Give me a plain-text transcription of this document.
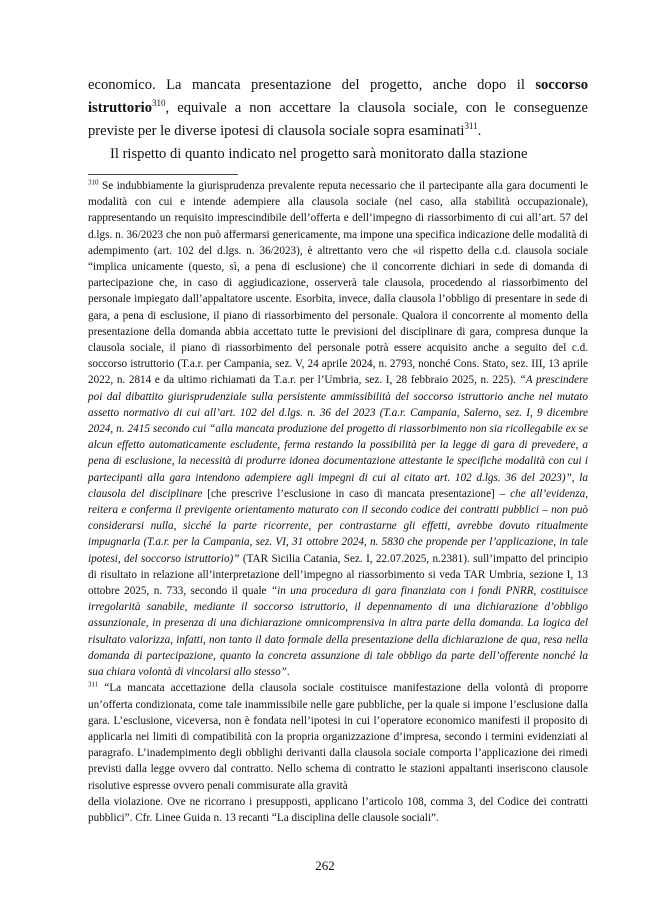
economico. La mancata presentazione del progetto, anche dopo il soccorso istruttorio$^{310}$, equivale a non accettare la clausola sociale, con le conseguenze previste per le diverse ipotesi di clausola sociale sopra esaminati$^{311}$.

Il rispetto di quanto indicato nel progetto sarà monitorato dalla stazione

$^{310}$ Se indubbiamente la giurisprudenza prevalente reputa necessario che il partecipante alla gara documenti le modalità con cui e intende adempiere alla clausola sociale (nel caso, alla stabilità occupazionale), rappresentando un requisito imprescindibile dell’offerta e dell’impegno di riassorbimento di cui all’art. 57 del d.lgs. n. 36/2023 che non può affermarsi genericamente, ma impone una specifica indicazione delle modalità di adempimento (art. 102 del d.lgs. n. 36/2023), è altrettanto vero che «il rispetto della c.d. clausola sociale “implica unicamente (questo, sì, a pena di esclusione) che il concorrente dichiari in sede di domanda di partecipazione che, in caso di aggiudicazione, osserverà tale clausola, procedendo al riassorbimento del personale impiegato dall’appaltatore uscente. Esorbita, invece, dalla clausola l’obbligo di presentare in sede di gara, a pena di esclusione, il piano di riassorbimento del personale. Qualora il concorrente al momento della presentazione della domanda abbia accettato tutte le previsioni del disciplinare di gara, compresa dunque la clausola sociale, il piano di riassorbimento del personale potrà essere acquisito anche a seguito del c.d. soccorso istruttorio (T.a.r. per Campania, sez. V, 24 aprile 2024, n. 2793, nonché Cons. Stato, sez. III, 13 aprile 2022, n. 2814 e da ultimo richiamati da T.a.r. per l’Umbria, sez. I, 28 febbraio 2025, n. 225). “A prescindere poi dal dibattito giurisprudenziale sulla persistente ammissibilità del soccorso istruttorio anche nel mutato assetto normativo di cui all’art. 102 del d.lgs. n. 36 del 2023 (T.a.r. Campania, Salerno, sez. I, 9 dicembre 2024, n. 2415 secondo cui “alla mancata produzione del progetto di riassorbimento non sia ricollegabile ex se alcun effetto automaticamente escludente, ferma restando la possibilità per la legge di gara di prevedere, a pena di esclusione, la necessità di produrre idonea documentazione attestante le specifiche modalità con cui i partecipanti alla gara intendono adempiere agli impegni di cui al citato art. 102 d.lgs. 36 del 2023)”, la clausola del disciplinare [che prescrive l’esclusione in caso di mancata presentazione] – che all’evidenza, reitera e conferma il previgente orientamento maturato con il secondo codice dei contratti pubblici – non può considerarsi nulla, sicché la parte ricorrente, per contrastarne gli effetti, avrebbe dovuto ritualmente impugnarla (T.a.r. per la Campania, sez. VI, 31 ottobre 2024, n. 5830 che propende per l’applicazione, in tale ipotesi, del soccorso istruttorio)” (TAR Sicilia Catania, Sez. I, 22.07.2025, n.2381). sull’impatto del principio di risultato in relazione all’interpretazione dell’impegno al riassorbimento si veda TAR Umbria, sezione I, 13 ottobre 2025, n. 733, secondo il quale “in una procedura di gara finanziata con i fondi PNRR, costituisce irregolarità sanabile, mediante il soccorso istruttorio, il depennamento di una dichiarazione d’obbligo assunzionale, in presenza di una dichiarazione omnicomprensiva in altra parte della domanda. La logica del risultato valorizza, infatti, non tanto il dato formale della presentazione della dichiarazione de qua, resa nella domanda di partecipazione, quanto la concreta assunzione di tale obbligo da parte dell’offerente nonché la sua chiara volontà di vincolarsi allo stesso”.

$^{311}$ “La mancata accettazione della clausola sociale costituisce manifestazione della volontà di proporre un’offerta condizionata, come tale inammissibile nelle gare pubbliche, per la quale si impone l’esclusione dalla gara. L’esclusione, viceversa, non è fondata nell’ipotesi in cui l’operatore economico manifesti il proposito di applicarla nei limiti di compatibilità con la propria organizzazione d’impresa, secondo i termini evidenziati al paragrafo. L’inadempimento degli obblighi derivanti dalla clausola sociale comporta l’applicazione dei rimedi previsti dalla legge ovvero dal contratto. Nello schema di contratto le stazioni appaltanti inseriscono clausole risolutive espresse ovvero penali commisurate alla gravità

della violazione. Ove ne ricorrano i presupposti, applicano l’articolo 108, comma 3, del Codice dei contratti pubblici”. Cfr. Linee Guida n. 13 recanti “La disciplina delle clausole sociali”.

262
